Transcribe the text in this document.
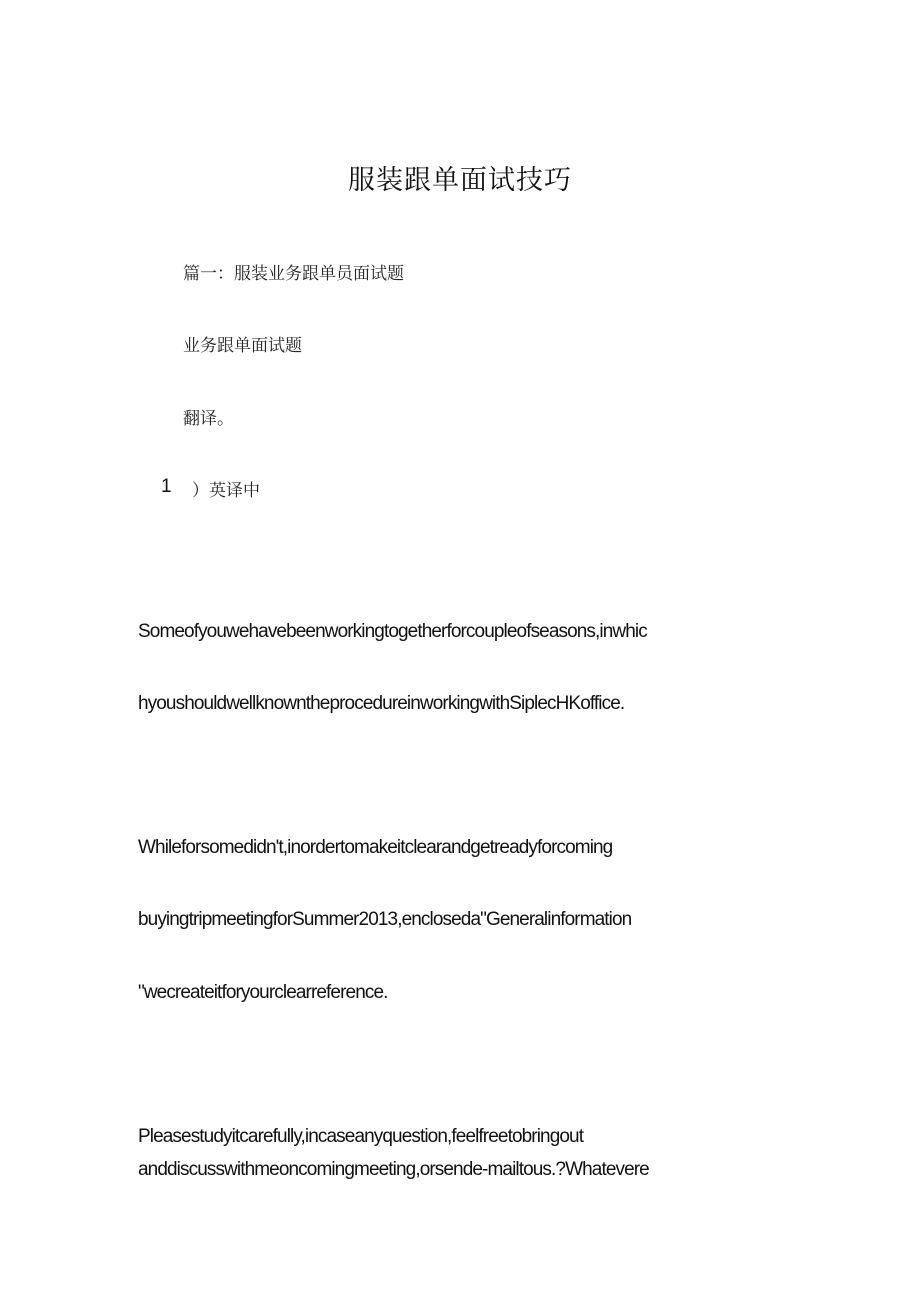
服装跟单面试技巧
篇一：服装业务跟单员面试题
业务跟单面试题
翻译。
1 ）英译中
Someofyouwehavebeenworkingtogetherforcoupleofseasons,inwhic
hyoushouldwellknowntheprocedureinworkingwithSiplecHKoffice.
Whileforsomedidn't,inordertomakeitclearandgetreadyforcoming
buyingtripmeetingforSummer2013,encloseda"Generalinformation
"wecreateitforyourclearreference.
Pleasestudyitcarefully,incaseanyquestion,feelfreetobringout
anddiscusswithmeoncomingmeeting,orsende-mailtous.?Whatevere
